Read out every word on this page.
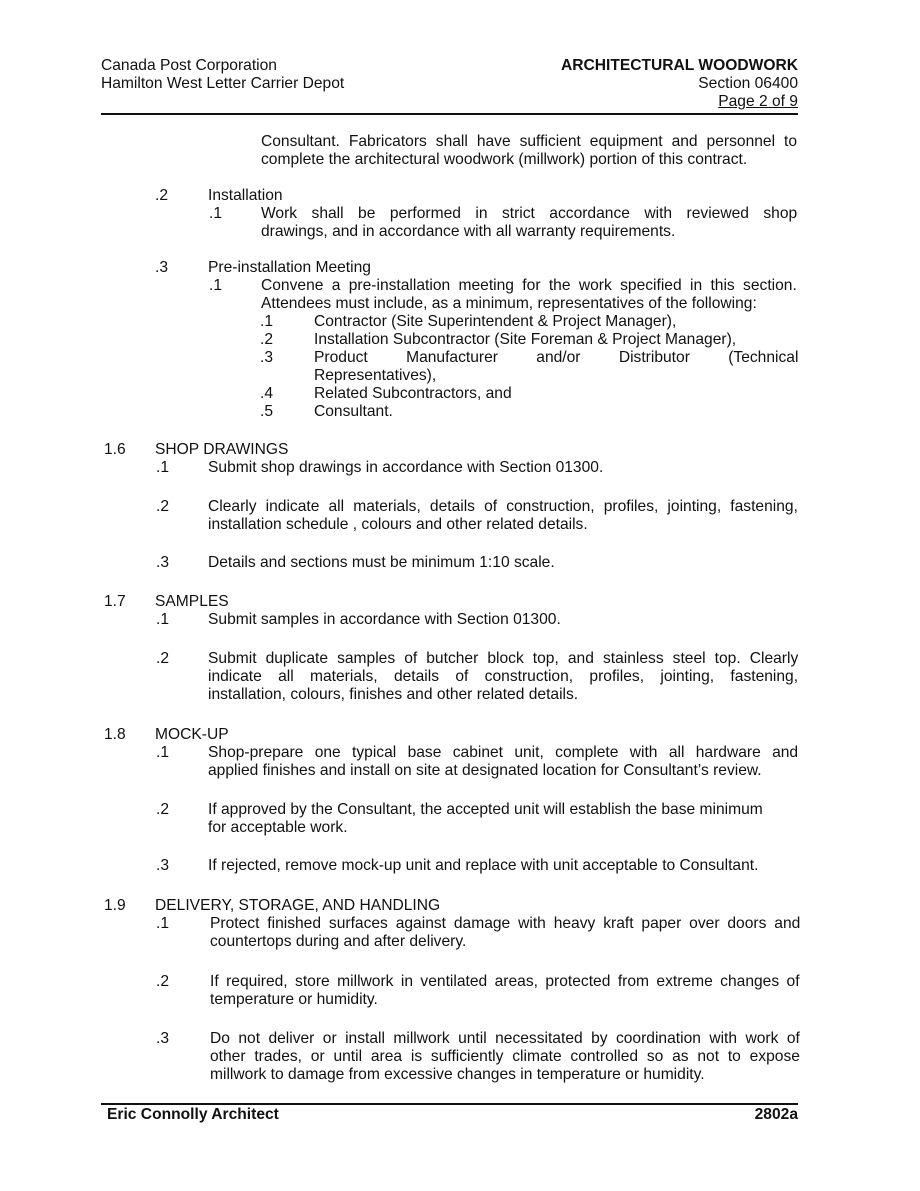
Canada Post Corporation
Hamilton West Letter Carrier Depot
ARCHITECTURAL WOODWORK
Section 06400
Page 2 of 9
Consultant. Fabricators shall have sufficient equipment and personnel to
complete the architectural woodwork (millwork) portion of this contract.
.2	Installation
.1 Work shall be performed in strict accordance with reviewed shop
drawings, and in accordance with all warranty requirements.
.3	Pre-installation Meeting
.1 Convene a pre-installation meeting for the work specified in this section.
Attendees must include, as a minimum, representatives of the following:
.1	Contractor (Site Superintendent & Project Manager),
.2	Installation Subcontractor (Site Foreman & Project Manager),
.3	Product Manufacturer and/or Distributor (Technical
Representatives),
.4	Related Subcontractors, and
.5	Consultant.
1.6 SHOP DRAWINGS
.1 Submit shop drawings in accordance with Section 01300.
.2 Clearly indicate all materials, details of construction, profiles, jointing, fastening,
installation schedule , colours and other related details.
.3 Details and sections must be minimum 1:10 scale.
1.7 SAMPLES
.1 Submit samples in accordance with Section 01300.
.2 Submit duplicate samples of butcher block top, and stainless steel top. Clearly
indicate all materials, details of construction, profiles, jointing, fastening,
installation, colours, finishes and other related details.
1.8 MOCK-UP
.1 Shop-prepare one typical base cabinet unit, complete with all hardware and
applied finishes and install on site at designated location for Consultant’s review.
.2 If approved by the Consultant, the accepted unit will establish the base minimum
for acceptable work.
.3 If rejected, remove mock-up unit and replace with unit acceptable to Consultant.
1.9 DELIVERY, STORAGE, AND HANDLING
.1	Protect finished surfaces against damage with heavy kraft paper over doors and
countertops during and after delivery.
.2	If required, store millwork in ventilated areas, protected from extreme changes of
temperature or humidity.
.3	Do not deliver or install millwork until necessitated by coordination with work of
other trades, or until area is sufficiently climate controlled so as not to expose
millwork to damage from excessive changes in temperature or humidity.
Eric Connolly Architect	2802a
